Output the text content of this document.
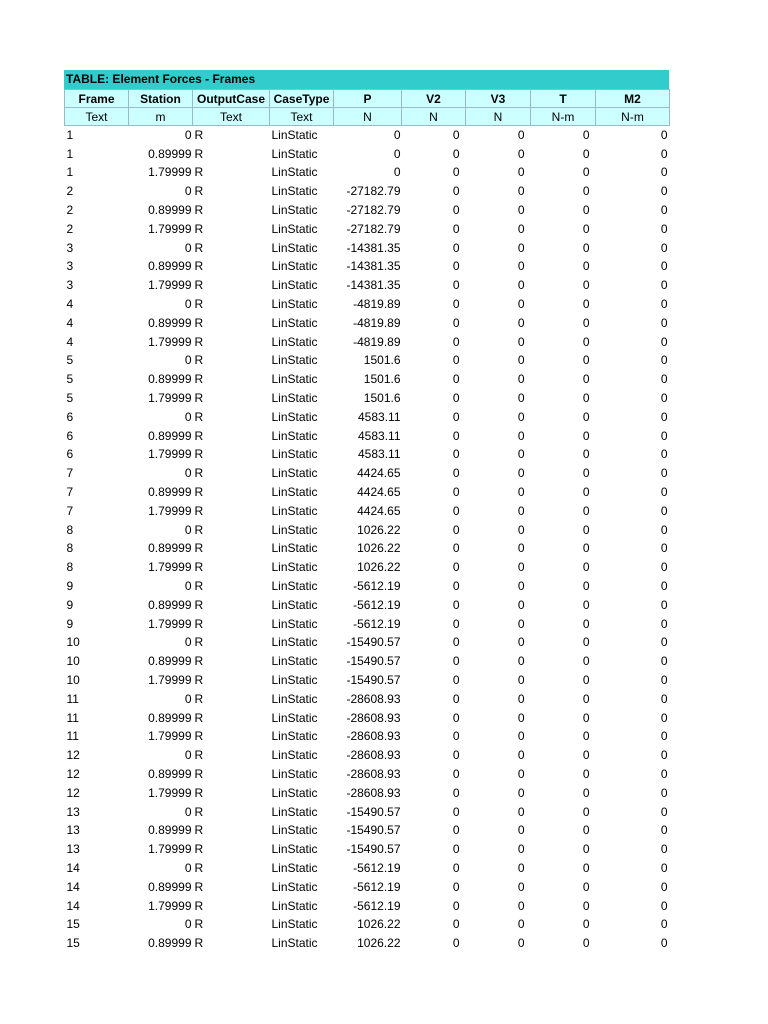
TABLE: Element Forces - Frames
Frame	Station	OutputCase	CaseType	P	V2	V3	T	M2
Text	m	Text	Text	N	N	N	N-m	N-m
1	0	R	LinStatic	0	0	0	0	0
1	0.89999	R	LinStatic	0	0	0	0	0
1	1.79999	R	LinStatic	0	0	0	0	0
2	0	R	LinStatic	-27182.79	0	0	0	0
2	0.89999	R	LinStatic	-27182.79	0	0	0	0
2	1.79999	R	LinStatic	-27182.79	0	0	0	0
3	0	R	LinStatic	-14381.35	0	0	0	0
3	0.89999	R	LinStatic	-14381.35	0	0	0	0
3	1.79999	R	LinStatic	-14381.35	0	0	0	0
4	0	R	LinStatic	-4819.89	0	0	0	0
4	0.89999	R	LinStatic	-4819.89	0	0	0	0
4	1.79999	R	LinStatic	-4819.89	0	0	0	0
5	0	R	LinStatic	1501.6	0	0	0	0
5	0.89999	R	LinStatic	1501.6	0	0	0	0
5	1.79999	R	LinStatic	1501.6	0	0	0	0
6	0	R	LinStatic	4583.11	0	0	0	0
6	0.89999	R	LinStatic	4583.11	0	0	0	0
6	1.79999	R	LinStatic	4583.11	0	0	0	0
7	0	R	LinStatic	4424.65	0	0	0	0
7	0.89999	R	LinStatic	4424.65	0	0	0	0
7	1.79999	R	LinStatic	4424.65	0	0	0	0
8	0	R	LinStatic	1026.22	0	0	0	0
8	0.89999	R	LinStatic	1026.22	0	0	0	0
8	1.79999	R	LinStatic	1026.22	0	0	0	0
9	0	R	LinStatic	-5612.19	0	0	0	0
9	0.89999	R	LinStatic	-5612.19	0	0	0	0
9	1.79999	R	LinStatic	-5612.19	0	0	0	0
10	0	R	LinStatic	-15490.57	0	0	0	0
10	0.89999	R	LinStatic	-15490.57	0	0	0	0
10	1.79999	R	LinStatic	-15490.57	0	0	0	0
11	0	R	LinStatic	-28608.93	0	0	0	0
11	0.89999	R	LinStatic	-28608.93	0	0	0	0
11	1.79999	R	LinStatic	-28608.93	0	0	0	0
12	0	R	LinStatic	-28608.93	0	0	0	0
12	0.89999	R	LinStatic	-28608.93	0	0	0	0
12	1.79999	R	LinStatic	-28608.93	0	0	0	0
13	0	R	LinStatic	-15490.57	0	0	0	0
13	0.89999	R	LinStatic	-15490.57	0	0	0	0
13	1.79999	R	LinStatic	-15490.57	0	0	0	0
14	0	R	LinStatic	-5612.19	0	0	0	0
14	0.89999	R	LinStatic	-5612.19	0	0	0	0
14	1.79999	R	LinStatic	-5612.19	0	0	0	0
15	0	R	LinStatic	1026.22	0	0	0	0
15	0.89999	R	LinStatic	1026.22	0	0	0	0
